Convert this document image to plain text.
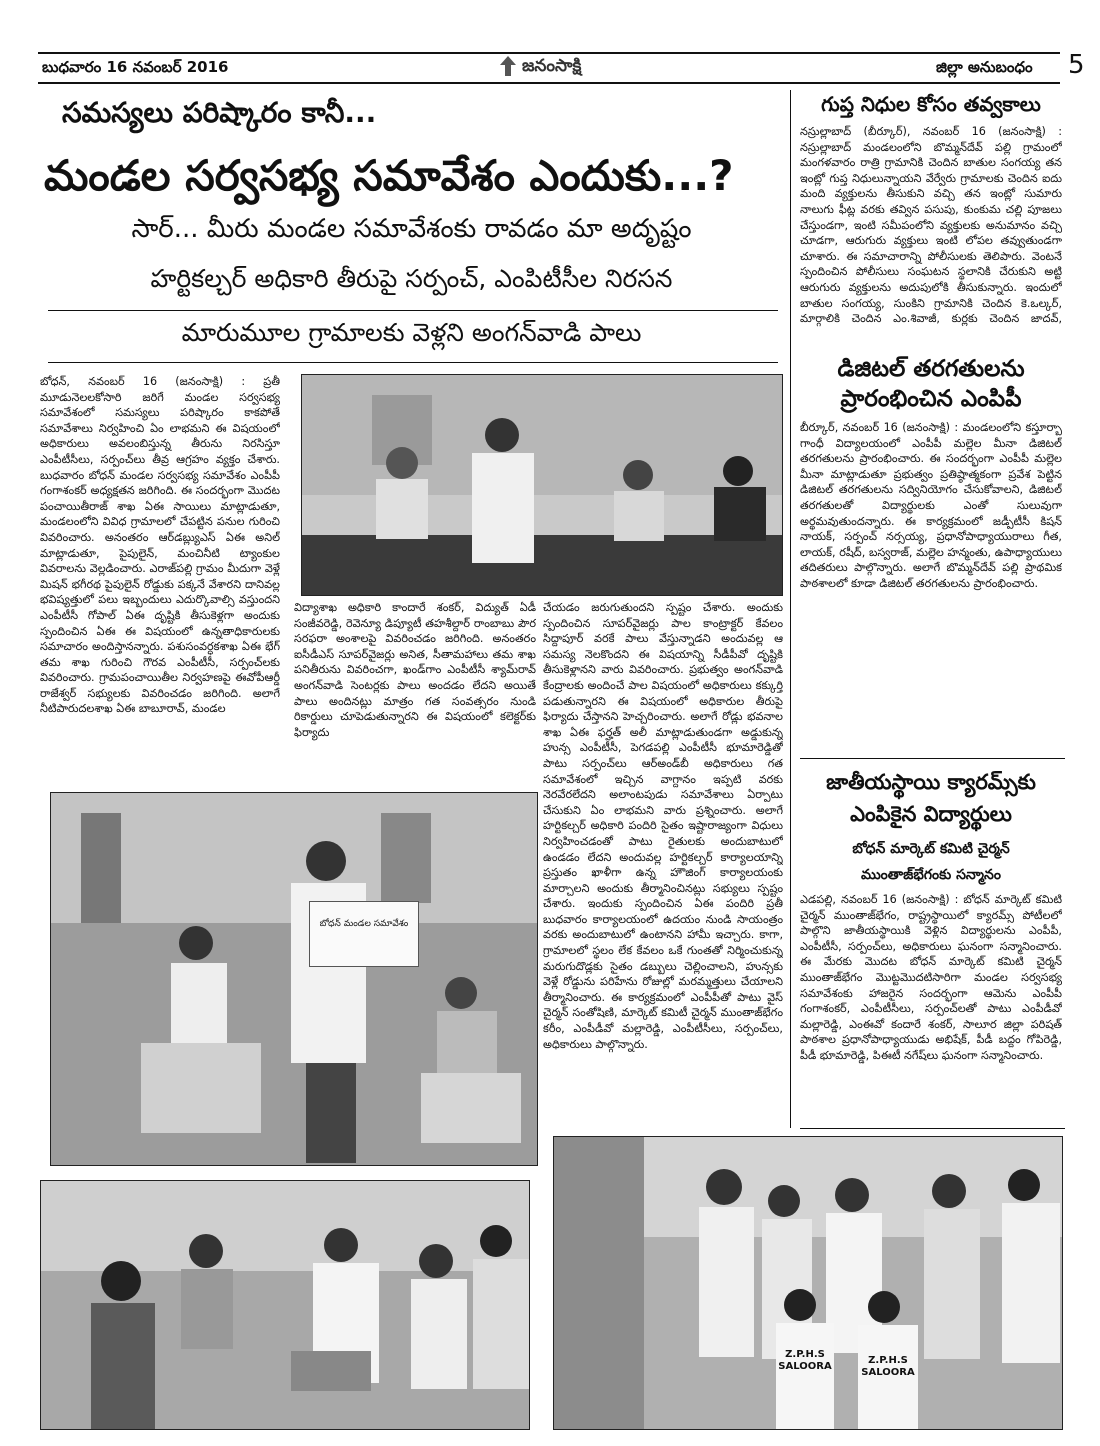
బుధవారం 16 నవంబర్ 2016	జనంసాక్షి	జిల్లా అనుబంధం 5
సమస్యలు పరిష్కారం కానీ...
మండల సర్వసభ్య సమావేశం ఎందుకు...?
సార్... మీరు మండల సమావేశంకు రావడం మా అదృష్టం
హర్టికల్చర్ అధికారి తీరుపై సర్పంచ్, ఎంపిటీసీల నిరసన
మారుమూల గ్రామాలకు వెళ్లని అంగన్‌వాడి పాలు

బోధన్, నవంబర్ 16 (జనంసాక్షి) : ప్రతీ మూడునెలలకోసారి జరిగే మండల సర్వసభ్య సమావేశంలో సమస్యలు పరిష్కారం కాకపోతే సమావేశాలు నిర్వహించి ఏం లాభమని ఈ విషయంలో అధికారులు అవలంబిస్తున్న తీరును నిరసిస్తూ ఎంపీటీసీలు, సర్పంచ్‌లు తీవ్ర ఆగ్రహం వ్యక్తం చేశారు. బుధవారం బోధన్ మండల సర్వసభ్య సమావేశం ఎంపీపీ గంగాశంకర్ అధ్యక్షతన జరిగింది. ఈ సందర్భంగా మొదట పంచాయితీరాజ్ శాఖ ఏఈ సాయిలు మాట్లాడుతూ, మండలంలోని వివిధ గ్రామాలలో చేపట్టిన పనుల గురించి వివరించారు. అనంతరం ఆర్‌డబ్ల్యుఎస్ ఏఈ అనిల్ మాట్లాడుతూ, పైపులైన్, మంచినీటి ట్యాంకుల వివరాలను వెల్లడించారు. ఎరాజ్‌పల్లి గ్రామం మీదుగా వెళ్లే మిషన్ భగీరథ పైపులైన్ రోడ్డుకు పక్కనే వేశారని దానివల్ల భవిష్యత్తులో పలు ఇబ్బందులు ఎదుర్కొవాల్సి వస్తుందని ఎంపీటీసీ గోపాల్ ఏఈ దృష్టికి తీసుకెళ్లగా అందుకు స్పందించిన ఏఈ ఈ విషయంలో ఉన్నతాధికారులకు సమాచారం అందిస్తానన్నారు. పశుసంవర్ధకశాఖ ఏఈ భేగ్ తమ శాఖ గురించి గౌరవ ఎంపీటీసీ, సర్పంచ్‌లకు వివరించారు. గ్రామపంచాయితీల నిర్వహణపై ఈవోపీఆర్డీ రాజేశ్వర్ సభ్యులకు వివరించడం జరిగింది. అలాగే నీటిపారుదలశాఖ ఏఈ బాబూరావ్, మండల

విద్యాశాఖ అధికారి కాందారే శంకర్, విద్యుత్ ఏడీ సంజీవరెడ్డి, రెవెన్యూ డిప్యూటీ తహశీల్దార్ రాంబాబు పౌర సరఫరా అంశాలపై వివరించడం జరిగింది. అనంతరం ఐసీడీఎస్ సూపర్‌వైజర్లు అనిత, సీతామహాలు తమ శాఖ పనితీరును వివరించగా, ఖండ్‌గాం ఎంపీటీసీ శ్యామ్‌రావ్ అంగన్‌వాడి సెంటర్లకు పాలు అందడం లేదని అయితే పాలు అందినట్లు మాత్రం గత సంవత్సరం నుండి రికార్డులు చూపెడుతున్నారని ఈ విషయంలో కలెక్టర్‌కు ఫిర్యాదు

చేయడం జరుగుతుందని స్పష్టం చేశారు. అందుకు స్పందించిన సూపర్‌వైజర్లు పాల కాంట్రాక్టర్ కేవలం సిద్దాపూర్ వరకే పాలు వేస్తున్నాడని అందువల్ల ఆ సమస్య నెలకొందని ఈ విషయాన్ని సీడీపీవో దృష్టికి తీసుకెళ్లానని వారు వివరించారు. ప్రభుత్వం అంగన్‌వాడి కేంద్రాలకు అందించే పాల విషయంలో అధికారులు కక్కుర్తి పడుతున్నారని ఈ విషయంలో అధికారుల తీరుపై ఫిర్యాదు చేస్తానని హెచ్చరించారు. అలాగే రోడ్లు భవనాల శాఖ ఏఈ ఫర్హత్ అలీ మాట్లాడుతుండగా అడ్డుకున్న హున్స ఎంపీటీసీ, పెగడపల్లి ఎంపీటీసీ భూమారెడ్డితో పాటు సర్పంచ్‌లు ఆర్‌అండ్‌బీ అధికారులు గత సమావేశంలో ఇచ్చిన వాగ్దానం ఇప్పటి వరకు నెరవేరలేదని అలాంటపుడు సమావేశాలు ఏర్పాటు చేసుకుని ఏం లాభమని వారు ప్రశ్నించారు. అలాగే హర్టికల్చర్ అధికారి పందిరి సైతం ఇష్టారాజ్యంగా విధులు నిర్వహించడంతో పాటు రైతులకు అందుబాటులో ఉండడం లేదని అందువల్ల హర్టికల్చర్ కార్యాలయాన్ని ప్రస్తుతం ఖాళీగా ఉన్న హౌజింగ్ కార్యాలయంకు మార్చాలని అందుకు తీర్మానించినట్లు సభ్యులు స్పష్టం చేశారు. ఇందుకు స్పందించిన ఏఈ పందిరి ప్రతీ బుధవారం కార్యాలయంలో ఉదయం నుండి సాయంత్రం వరకు అందుబాటులో ఉంటానని హామీ ఇచ్చారు. కాగా, గ్రామాలలో స్థలం లేక కేవలం ఒకే గుంతతో నిర్మించుకున్న మరుగుదొడ్లకు సైతం డబ్బులు చెల్లించాలని, హున్సకు వెళ్లే రోడ్డును పరిహేను రోజుల్లో మరమ్మత్తులు చేయాలని తీర్మానించారు. ఈ కార్యక్రమంలో ఎంపీపీతో పాటు వైస్ చైర్మన్ సంతోషిణి, మార్కెట్ కమిటీ చైర్మన్ ముంతాజ్‌భేగం కరీం, ఎంపీడీవో మల్లారెడ్డి, ఎంపీటీసీలు, సర్పంచ్‌లు, అధికారులు పాల్గొన్నారు.

బోధన్ మండల సమావేశం
Z.P.H.S
SALOORA
Z.P.H.S
SALOORA
గుప్త నిధుల కోసం తవ్వకాలు

నస్రుల్లాబాద్ (బీర్కూర్), నవంబర్ 16 (జనంసాక్షి) : నస్రుల్లాబాద్ మండలంలోని బొమ్మన్‌దేవ్ పల్లి గ్రామంలో మంగళవారం రాత్రి గ్రామానికి చెందిన బాతుల సంగయ్య తన ఇంట్లో గుప్త నిధులున్నాయని వేర్వేరు గ్రామాలకు చెందిన ఐదు మంది వ్యక్తులను తీసుకుని వచ్చి తన ఇంట్లో సుమారు నాలుగు ఫీట్ల వరకు తవ్విన పసుపు, కుంకుమ చల్లి పూజలు చేస్తుండగా, ఇంటి సమీపంలోని వ్యక్తులకు అనుమానం వచ్చి చూడగా, ఆరుగురు వ్యక్తులు ఇంటి లోపల తవ్వుతుండగా చూశారు. ఈ సమాచారాన్ని పోలీసులకు తెలిపారు. వెంటనే స్పందించిన పోలీసులు సంఘటన స్థలానికి చేరుకుని అట్టి ఆరుగురు వ్యక్తులను అదుపులోకి తీసుకున్నారు. ఇందులో బాతుల సంగయ్య, సుంకిని గ్రామానికి చెందిన కె.ఒల్కర్, మార్గాలికి చెందిన ఎం.శివాజీ, కుర్లకు చెందిన జాదవ్,

డిజిటల్ తరగతులను
ప్రారంభించిన ఎంపిపీ

బీర్కూర్, నవంబర్ 16 (జనంసాక్షి) : మండలంలోని కస్తూర్బా గాంధీ విద్యాలయంలో ఎంపీపీ మల్లెల మీనా డిజిటల్ తరగతులను ప్రారంభించారు. ఈ సందర్భంగా ఎంపీపీ మల్లెల మీనా మాట్లాడుతూ ప్రభుత్వం ప్రతిష్ఠాత్మకంగా ప్రవేశ పెట్టిన డిజిటల్ తరగతులను సద్వినియోగం చేసుకోవాలని, డిజిటల్ తరగతులతో విద్యార్థులకు ఎంతో సులువుగా అర్థమవుతుందన్నారు. ఈ కార్యక్రమంలో జడ్పీటీసీ కిషన్ నాయక్, సర్పంచ్ నర్సయ్య, ప్రధానోపాధ్యాయురాలు గీత, లాయక్, రషీద్, బస్వరాజ్, మల్లెల హన్మంతు, ఉపాధ్యాయులు తదితరులు పాల్గొన్నారు. అలాగే బొమ్మన్‌దేవ్ పల్లి ప్రాథమిక పాఠశాలలో కూడా డిజిటల్ తరగతులను ప్రారంభించారు.

జాతీయస్థాయి క్యారమ్స్‌కు
ఎంపికైన విద్యార్థులు
బోధన్ మార్కెట్ కమిటి చైర్మన్
ముంతాజ్‌భేగంకు సన్మానం

ఎడపల్లి, నవంబర్ 16 (జనంసాక్షి) : బోధన్ మార్కెట్ కమిటి చైర్మన్ ముంతాజ్‌భేగం, రాష్ట్రస్థాయిలో క్యారమ్స్ పోటీలలో పాల్గొని జాతీయస్థాయికి వెళ్లిన విద్యార్థులను ఎంపీపీ, ఎంపీటీసీ, సర్పంచ్‌లు, అధికారులు ఘనంగా సన్మానించారు. ఈ మేరకు మొదట బోధన్ మార్కెట్ కమిటి చైర్మన్ ముంతాజ్‌భేగం మొట్టమొదటిసారిగా మండల సర్వసభ్య సమావేశంకు హాజరైన సందర్భంగా ఆమెను ఎంపీపీ గంగాశంకర్, ఎంపీటీసీలు, సర్పంచ్‌లతో పాటు ఎంపీడీవో మల్లారెడ్డి, ఎంఈవో కందారే శంకర్, సాలూర జిల్లా పరిషత్ పాఠశాల ప్రధానోపాధ్యాయుడు అభిషేక్, పీడీ బద్దం గోపిరెడ్డి, పీడీ భూమారెడ్డి, పిఈటీ నగేష్‌లు ఘనంగా సన్మానించారు.
